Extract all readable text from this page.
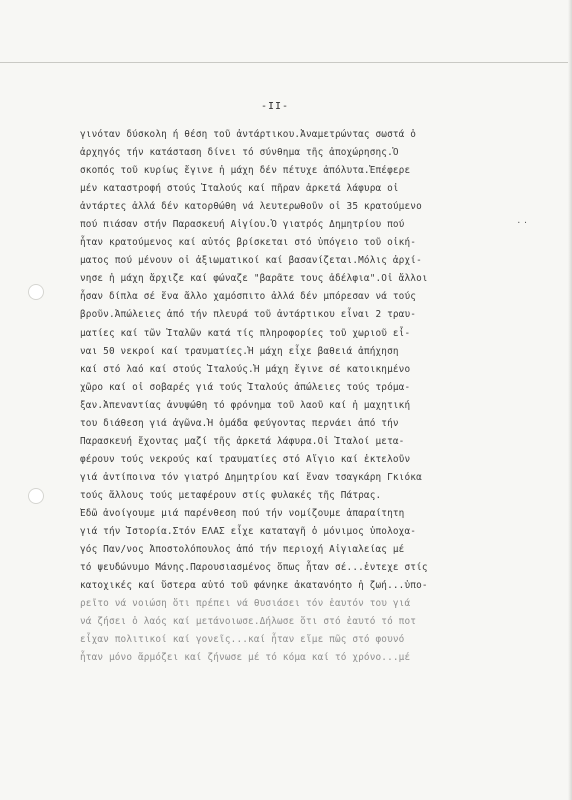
-II-
..
γινόταν δύσκολη ή θέση τοῦ ἀντάρτικου.Ἀναμετρώντας σωστά ὁ
ἀρχηγός τήν κατάσταση δίνει τό σύνθημα τῆς ἀποχώρησης.Ὁ
σκοπός τοῦ κυρίως ἔγινε ἡ μάχη δέν πέτυχε ἀπόλυτα.Ἐπέφερε
μέν καταστροφή στούς Ἰταλούς καί πῆραν ἀρκετά λάφυρα οἱ
ἀντάρτες ἀλλά δέν κατορθώθη νά λευτερωθοῦν οἱ 35 κρατούμενο
πού πιάσαν στήν Παρασκευή Αἰγίου.Ὁ γιατρός Δημητρίου πού
ἦταν κρατούμενος καί αὐτός βρίσκεται στό ὑπόγειο τοῦ οἰκή-
ματος πού μένουν οἱ ἀξιωματικοί καί βασανίζεται.Μόλις ἀρχί-
νησε ἡ μάχη ἄρχιζε καί φώναζε "βαρᾶτε τους ἀδέλφια".Οἱ ἄλλοι
ἦσαν δίπλα σέ ἕνα ἄλλο χαμόσπιτο ἀλλά δέν μπόρεσαν νά τούς
βροῦν.Ἀπώλειες ἀπό τήν πλευρά τοῦ ἀντάρτικου εἶναι 2 τραυ-
ματίες καί τῶν Ἰταλῶν κατά τίς πληροφορίες τοῦ χωριοῦ εἶ-
ναι 50 νεκροί καί τραυματίες.Ἡ μάχη εἶχε βαθειά ἀπήχηση
καί στό λαό καί στούς Ἰταλούς.Ἡ μάχη ἔγινε σέ κατοικημένο
χῶρο καί οἱ σοβαρές γιά τούς Ἰταλούς ἀπώλειες τούς τρόμα-
ξαν.Ἀπεναντίας ἀνυψώθη τό φρόνημα τοῦ λαοῦ καί ἡ μαχητική
του διάθεση γιά ἀγῶνα.Ἡ ὁμάδα φεύγοντας περνάει ἀπό τήν
Παρασκευή ἔχοντας μαζί τῆς ἀρκετά λάφυρα.Οἱ Ἰταλοί μετα-
φέρουν τούς νεκρούς καί τραυματίες στό Αἴγιο καί ἐκτελοῦν
γιά ἀντίποινα τόν γιατρό Δημητρίου καί ἕναν τσαγκάρη Γκιόκα
τούς ἄλλους τούς μεταφέρουν στίς φυλακές τῆς Πάτρας.
Ἐδῶ ἀνοίγουμε μιά παρένθεση πού τήν νομίζουμε ἀπαραίτητη
γιά τήν Ἱστορία.Στόν ΕΛΑΣ εἶχε καταταγῆ ὁ μόνιμος ὑπολοχα-
γός Παν/νος Ἀποστολόπουλος ἀπό τήν περιοχή Αἰγιαλείας μέ
τό ψευδώνυμο Μάνης.Παρουσιασμένος ὅπως ἦταν σέ...ἐντεχε στίς
κατοχικές καί ὕστερα αὐτό τοῦ φάνηκε ἀκατανόητο ἡ ζωή...ὑπο-
ρεῖτο νά νοιώση ὅτι πρέπει νά θυσιάσει τόν ἑαυτόν του γιά
νά ζήσει ὁ λαός καί μετάνοιωσε.Δήλωσε ὅτι στό ἑαυτό τό ποτ
εἶχαν πολιτικοί καί γονεῖς...καί ἦταν εἴμε πῶς στό φουνό
ἦταν μόνο ἄρμόζει καί ζήνωσε μέ τό κόμα καί τό χρόνο...μέ
